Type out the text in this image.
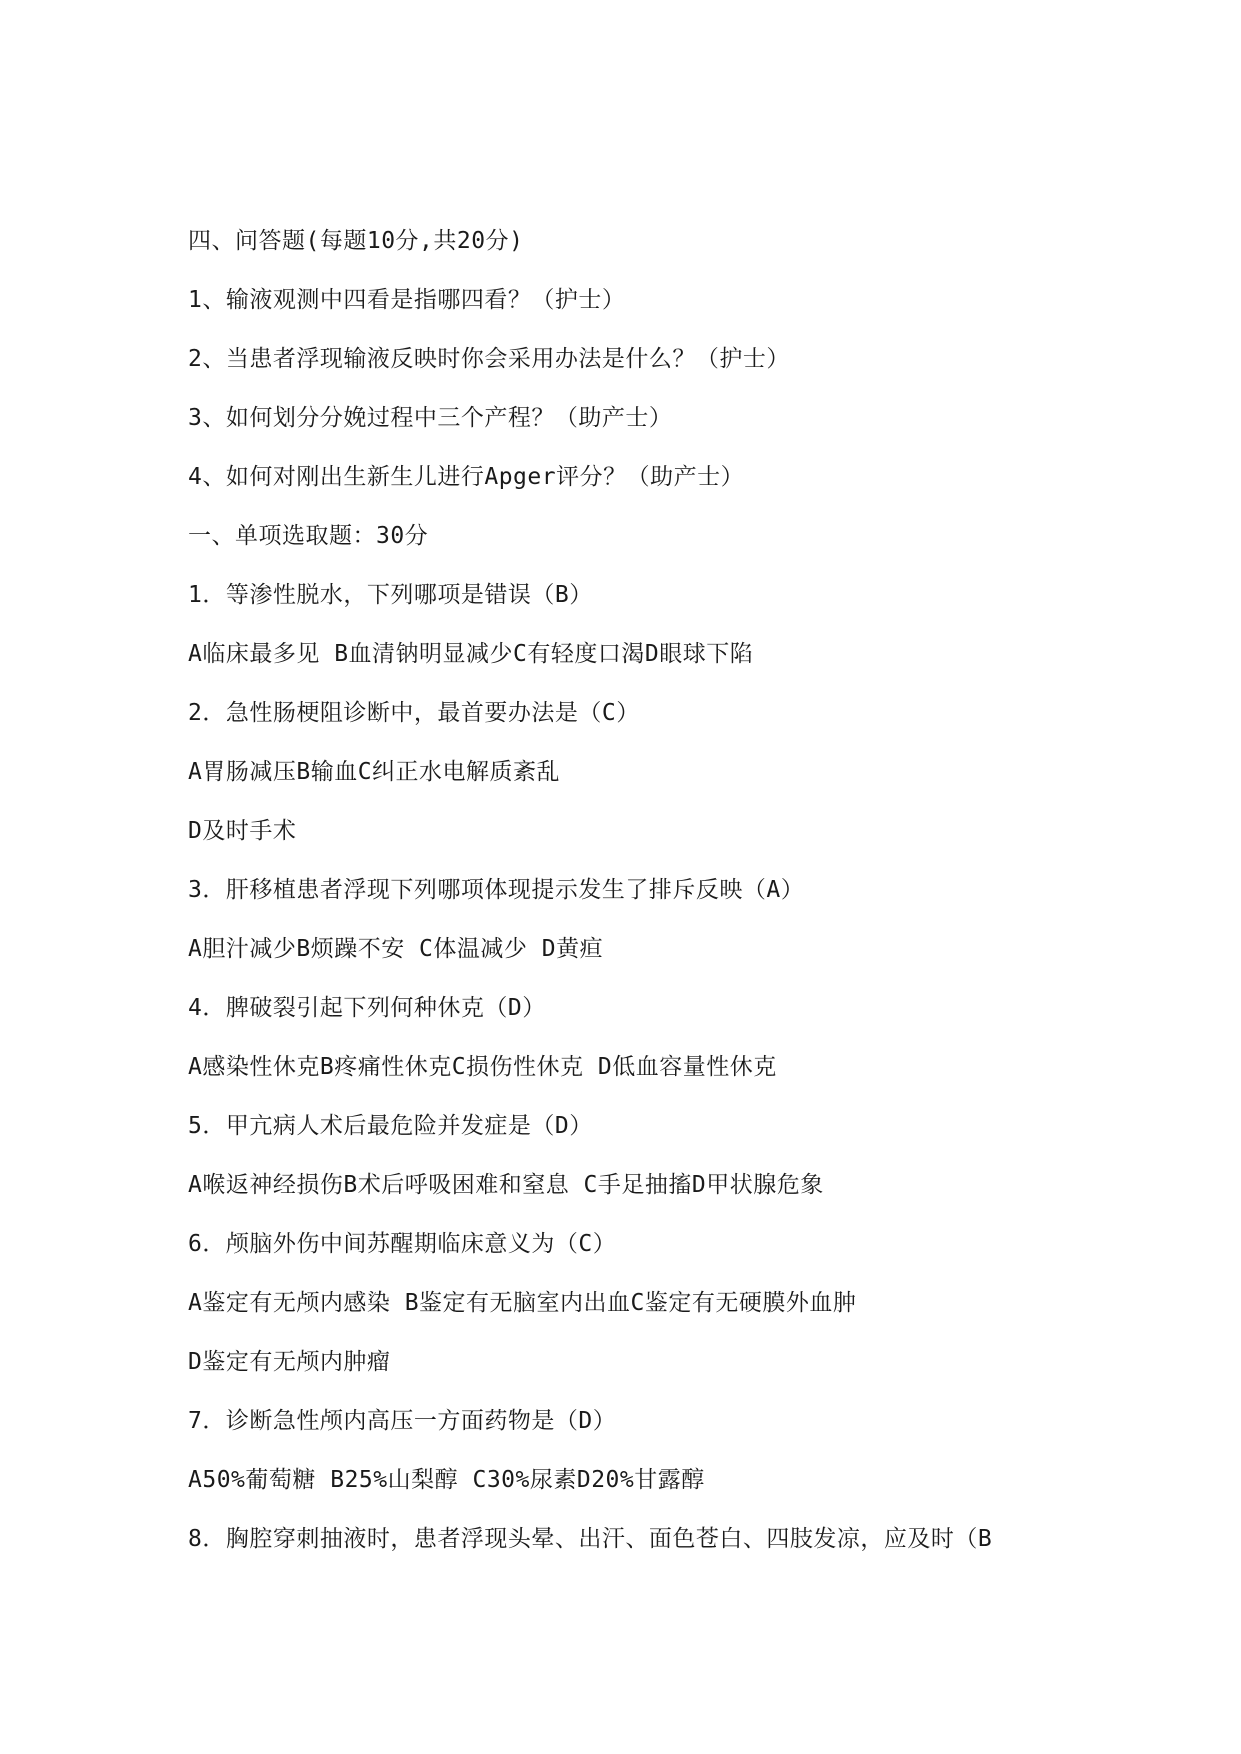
四、问答题(每题10分,共20分)
1、输液观测中四看是指哪四看？（护士）
2、当患者浮现输液反映时你会采用办法是什么？（护士）
3、如何划分分娩过程中三个产程？（助产士）
4、如何对刚出生新生儿进行Apger评分？（助产士）
一、单项选取题：30分
1．等渗性脱水，下列哪项是错误（B）
A临床最多见 B血清钠明显减少C有轻度口渴D眼球下陷
2．急性肠梗阻诊断中，最首要办法是（C）
A胃肠减压B输血C纠正水电解质紊乱
D及时手术
3．肝移植患者浮现下列哪项体现提示发生了排斥反映（A）
A胆汁减少B烦躁不安 C体温减少 D黄疸
4．脾破裂引起下列何种休克（D）
A感染性休克B疼痛性休克C损伤性休克 D低血容量性休克
5．甲亢病人术后最危险并发症是（D）
A喉返神经损伤B术后呼吸困难和窒息 C手足抽搐D甲状腺危象
6．颅脑外伤中间苏醒期临床意义为（C）
A鉴定有无颅内感染 B鉴定有无脑室内出血C鉴定有无硬膜外血肿
D鉴定有无颅内肿瘤
7．诊断急性颅内高压一方面药物是（D）
A50%葡萄糖 B25%山梨醇 C30%尿素D20%甘露醇
8．胸腔穿刺抽液时，患者浮现头晕、出汗、面色苍白、四肢发凉，应及时（B
